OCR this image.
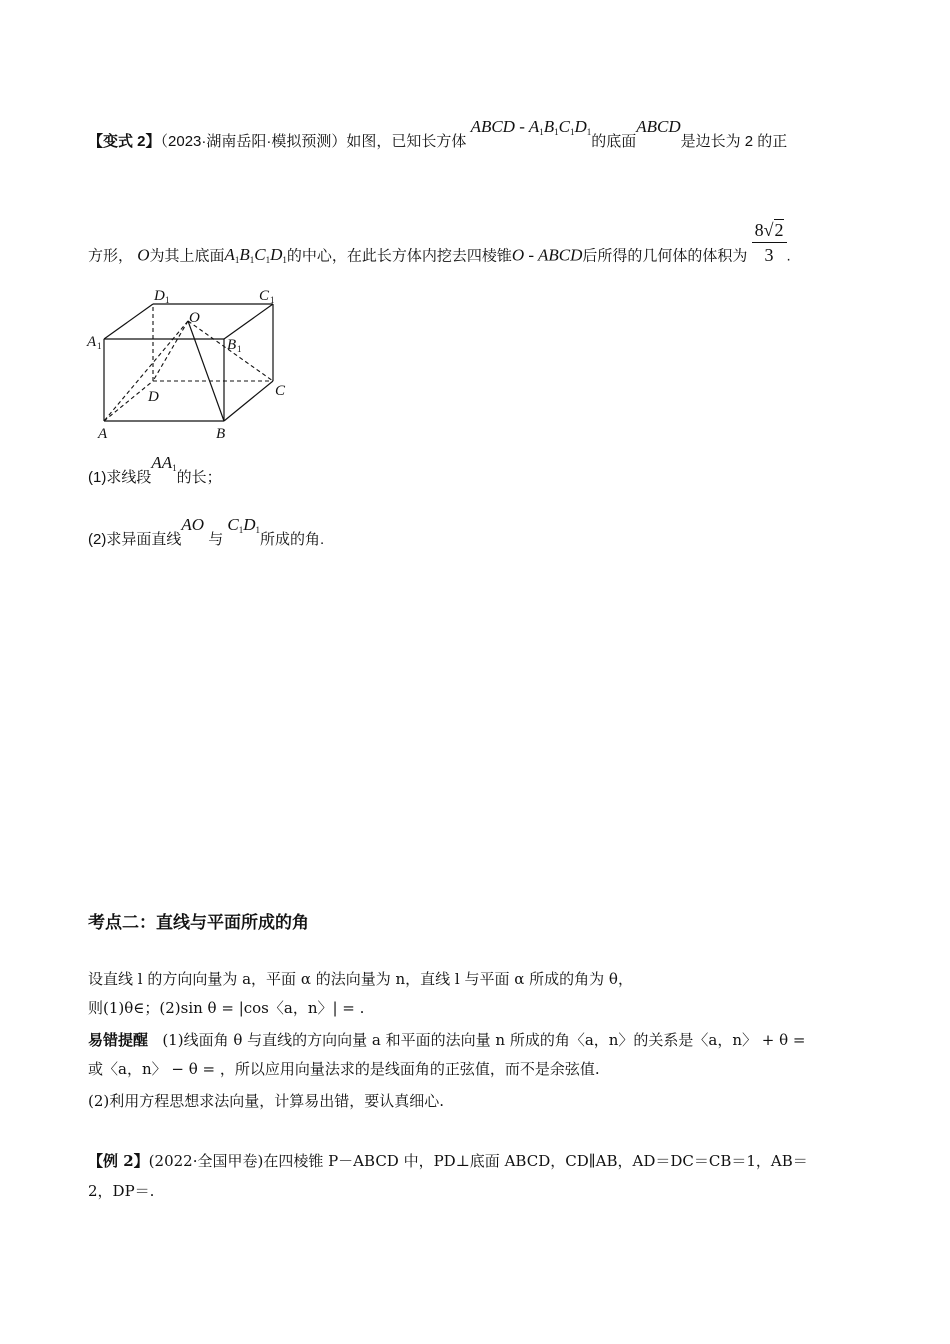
【变式 2】（2023·湖南岳阳·模拟预测）如图，已知长方体 ABCD - $A_1B_1C_1D_1$的底面ABCD是边长为 2 的正
方形， O为其上底面$A_1B_1C_1D_1$的中心，在此长方体内挖去四棱锥O - ABCD后所得的几何体的体积为 $\frac{8√2}{3}$ .
D 1	C 1
O
A 1	B 1
D	C
A	B
(1)求线段$AA_1$的长；
(2)求异面直线AO 与 $C_1D_1$所成的角.
考点二：直线与平面所成的角
设直线 l 的方向向量为 a，平面 α 的法向量为 n，直线 l 与平面 α 所成的角为 θ，
则(1)θ∈；(2)sin θ = |cos〈a，n〉| = .
易错提醒 (1)线面角 θ 与直线的方向向量 a 和平面的法向量 n 所成的角〈a，n〉的关系是〈a，n〉 + θ =
或〈a，n〉 − θ = ，所以应用向量法求的是线面角的正弦值，而不是余弦值.
(2)利用方程思想求法向量，计算易出错，要认真细心.
【例 2】(2022·全国甲卷)在四棱锥 P－ABCD 中，PD⊥底面 ABCD，CD∥AB，AD＝DC＝CB＝1，AB＝
2，DP＝.
